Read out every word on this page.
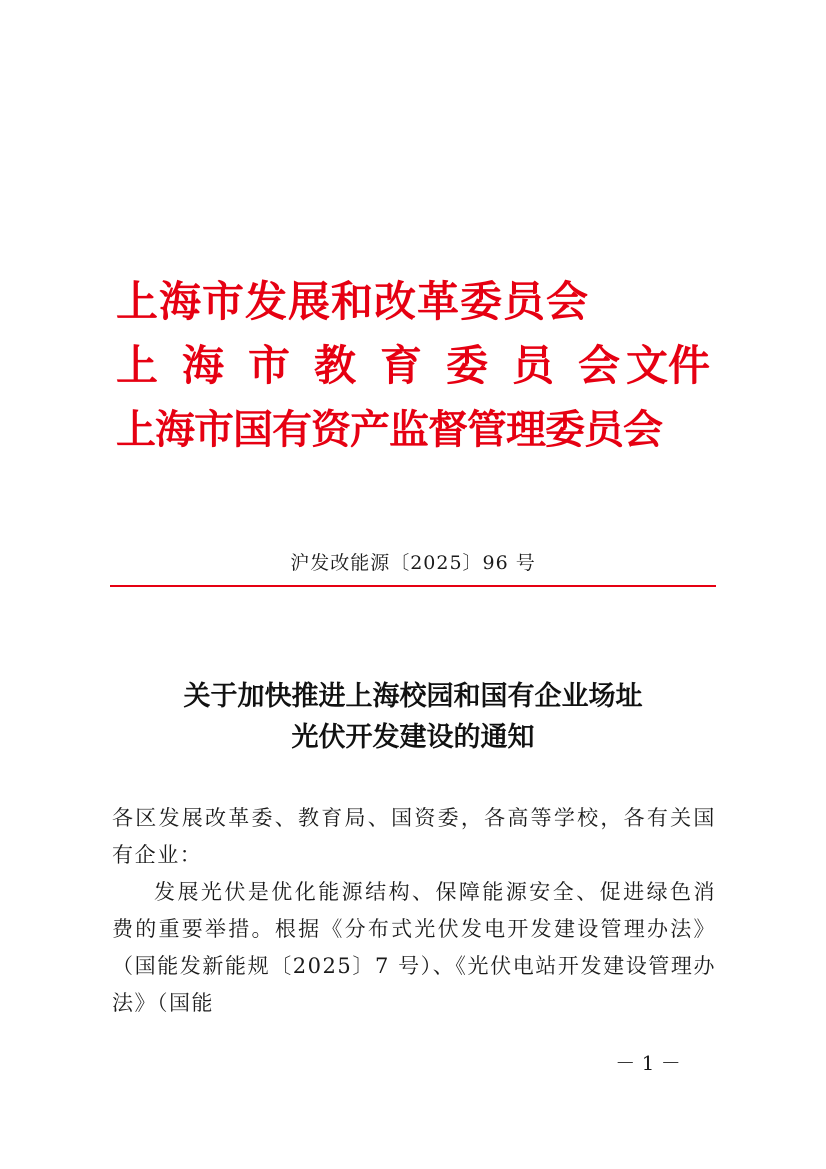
上海市发展和改革委员会
上海市教育委员会
文件
上海市国有资产监督管理委员会
沪发改能源〔2025〕96 号
关于加快推进上海校园和国有企业场址
光伏开发建设的通知

各区发展改革委、教育局、国资委，各高等学校，各有关国有企业：

发展光伏是优化能源结构、保障能源安全、促进绿色消费的重要举措。根据《分布式光伏发电开发建设管理办法》（国能发新能规〔2025〕7 号）、《光伏电站开发建设管理办法》（国能

－ 1 －
